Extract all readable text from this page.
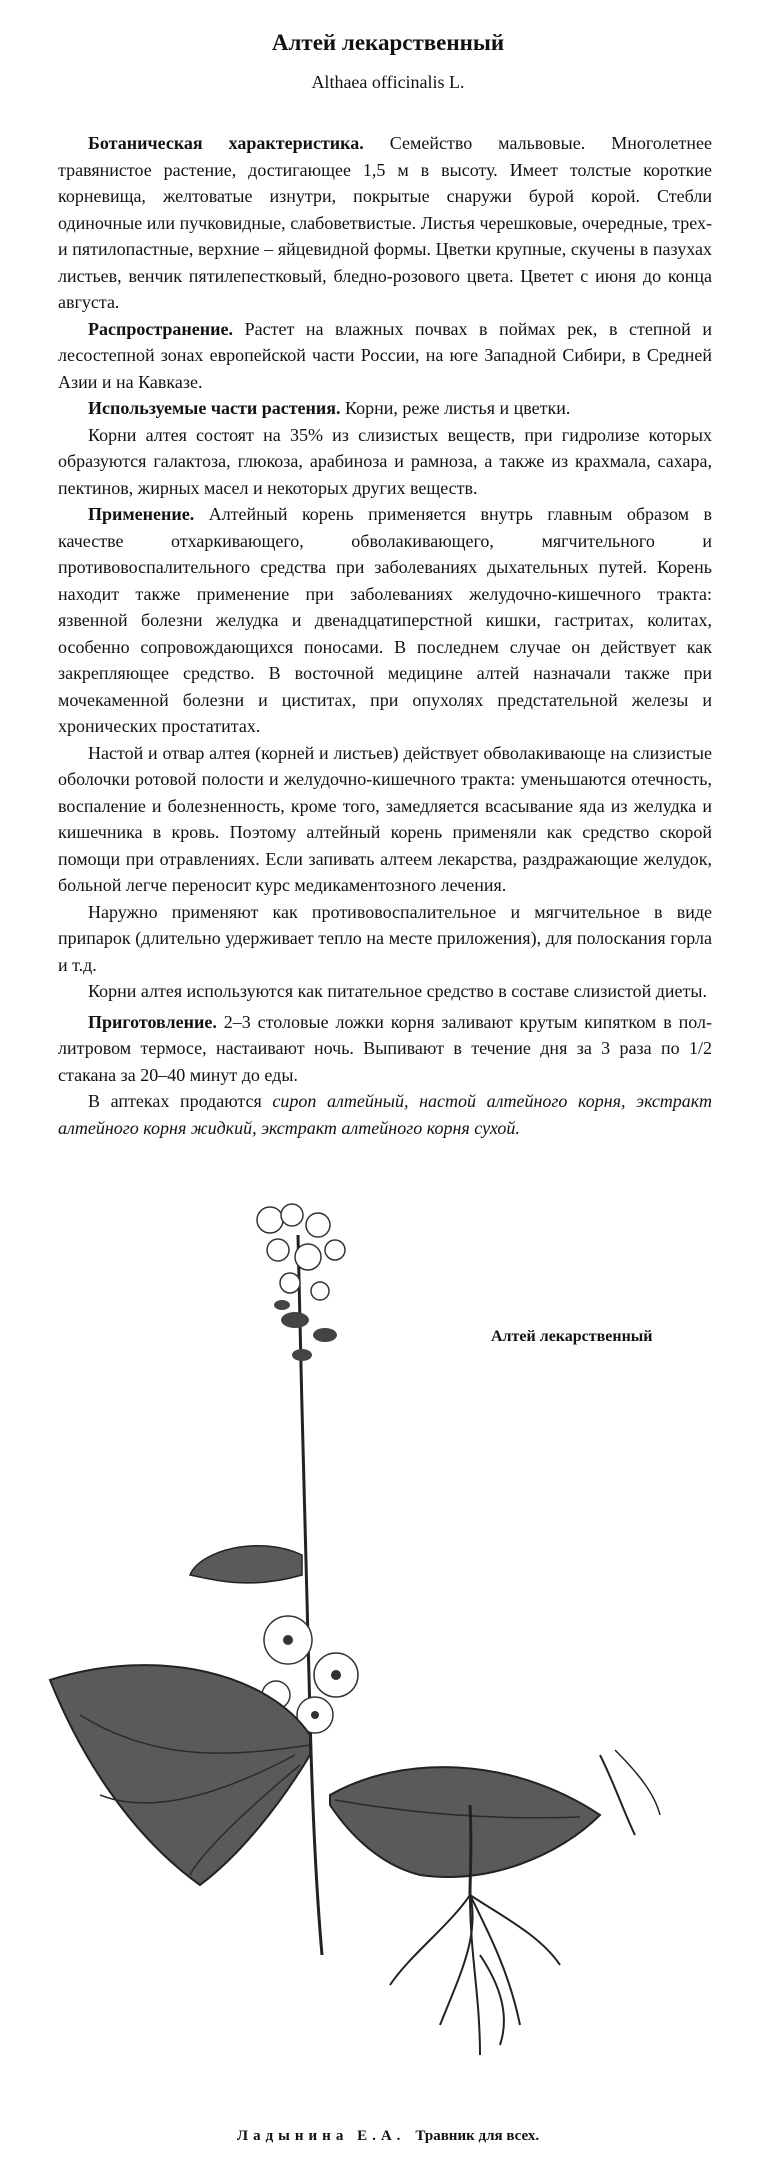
Алтей лекарственный

Althaea officinalis L.

Ботаническая характеристика. Семейство мальвовые. Многолетнее травянистое растение, достигающее 1,5 м в высоту. Имеет толстые короткие корневища, желтоватые изнутри, покрытые снаружи бурой корой. Стебли одиночные или пучковидные, слабоветвистые. Листья черешковые, очередные, трех- и пятилопастные, верхние – яйцевидной формы. Цветки крупные, скучены в пазухах листьев, венчик пятилепестковый, бледно-розового цвета. Цветет с июня до конца августа.

Распространение. Растет на влажных почвах в поймах рек, в степной и лесостепной зонах европейской части России, на юге Западной Сибири, в Средней Азии и на Кавказе.

Используемые части растения. Корни, реже листья и цветки.

Корни алтея состоят на 35% из слизистых веществ, при гидролизе которых образуются галактоза, глюкоза, арабиноза и рамноза, а также из крахмала, сахара, пектинов, жирных масел и некоторых других веществ.

Применение. Алтейный корень применяется внутрь главным образом в качестве отхаркивающего, обволакивающего, мягчительного и противовоспалительного средства при заболеваниях дыхательных путей. Корень находит также применение при заболеваниях желудочно-кишечного тракта: язвенной болезни желудка и двенадцатиперстной кишки, гастритах, колитах, особенно сопровождающихся поносами. В последнем случае он действует как закрепляющее средство. В восточной медицине алтей назначали также при мочекаменной болезни и циститах, при опухолях предстательной железы и хронических простатитах.

Настой и отвар алтея (корней и листьев) действует обволакивающе на слизистые оболочки ротовой полости и желудочно-кишечного тракта: уменьшаются отечность, воспаление и болезненность, кроме того, замедляется всасывание яда из желудка и кишечника в кровь. Поэтому алтейный корень применяли как средство скорой помощи при отравлениях. Если запивать алтеем лекарства, раздражающие желудок, больной легче переносит курс медикаментозного лечения.

Наружно применяют как противовоспалительное и мягчительное в виде припарок (длительно удерживает тепло на месте приложения), для полоскания горла и т.д.

Корни алтея используются как питательное средство в составе слизистой диеты.

Приготовление. 2–3 столовые ложки корня заливают крутым кипятком в пол-литровом термосе, настаивают ночь. Выпивают в течение дня за 3 раза по 1/2 стакана за 20–40 минут до еды.

В аптеках продаются сироп алтейный, настой алтейного корня, экстракт алтейного корня жидкий, экстракт алтейного корня сухой.

Алтей лекарственный

Ладынина Е.А. Травник для всех.
